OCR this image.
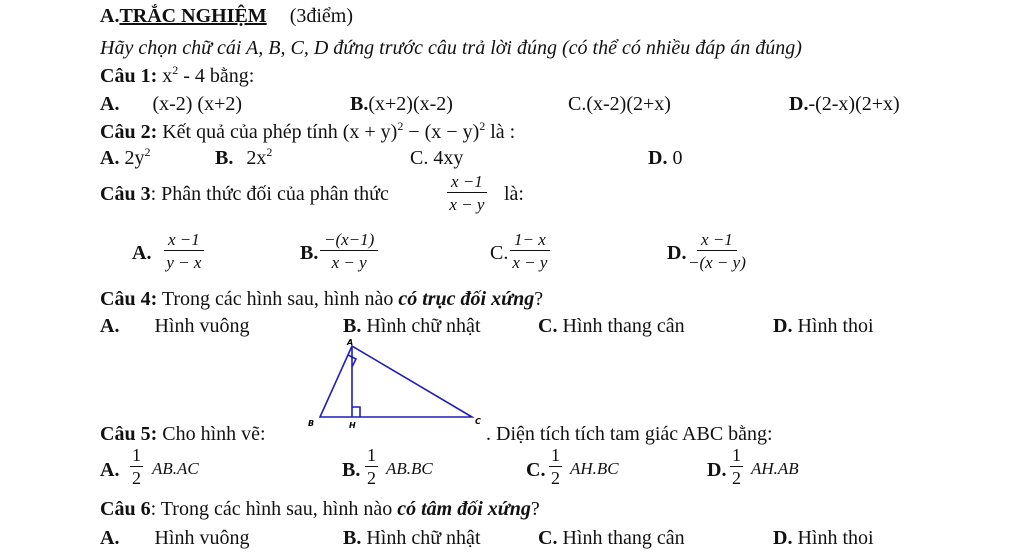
A.TRẮC NGHIỆM (3điểm)
Hãy chọn chữ cái A, B, C, D đứng trước câu trả lời đúng (có thể có nhiều đáp án đúng)
Câu 1: $x^2 - 4$ bằng:
A. (x-2) (x+2)	B.(x+2)(x-2)	C.(x-2)(2+x)	D.-(2-x)(2+x)
Câu 2: Kết quả của phép tính $(x + y)^2 - (x - y)^2$ là :
A. $2y^2$	B. $2x^2$	C. 4xy	D. 0
Câu 3: Phân thức đối của phân thức	$\frac{x -1}{x - y}$ là:
A. $\frac{x -1}{y - x}$	B. $\frac{-(x-1)}{x - y}$	C. $\frac{1- x}{x - y}$	D. $\frac{x -1}{-(x - y)}$
Câu 4: Trong các hình sau, hình nào có trục đối xứng?
A. Hình vuông	B. Hình chữ nhật	C. Hình thang cân	D. Hình thoi
A
B	C
H
Câu 5: Cho hình vẽ:	. Diện tích tích tam giác ABC bằng:
A. $\frac{1}{2} AB.AC$	B. $\frac{1}{2} AB.BC$	C. $\frac{1}{2} AH.BC$	D. $\frac{1}{2} AH.AB$
Câu 6: Trong các hình sau, hình nào có tâm đối xứng?
A. Hình vuông	B. Hình chữ nhật	C. Hình thang cân	D. Hình thoi
